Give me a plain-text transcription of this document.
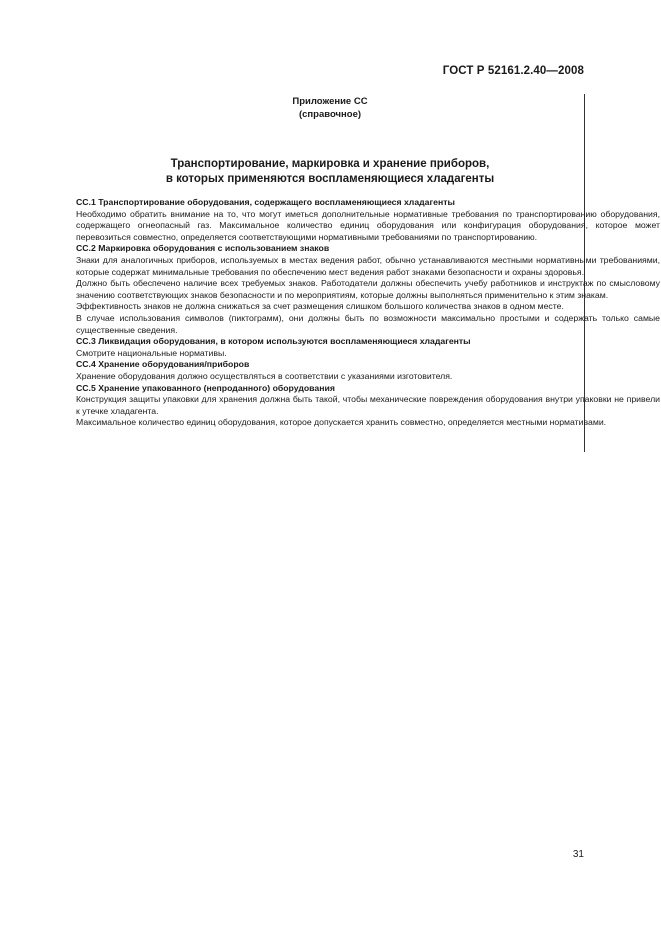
ГОСТ Р 52161.2.40—2008
Приложение СС
(справочное)
Транспортирование, маркировка и хранение приборов,
в которых применяются воспламеняющиеся хладагенты
СС.1 Транспортирование оборудования, содержащего воспламеняющиеся хладагенты

Необходимо обратить внимание на то, что могут иметься дополнительные нормативные требования по транспортированию оборудования, содержащего огнеопасный газ. Максимальное количество единиц оборудования или конфигурация оборудования, которое может перевозиться совместно, определяется соответствующими нормативными требованиями по транспортированию.

СС.2 Маркировка оборудования с использованием знаков

Знаки для аналогичных приборов, используемых в местах ведения работ, обычно устанавливаются местными нормативными требованиями, которые содержат минимальные требования по обеспечению мест ведения работ знаками безопасности и охраны здоровья.

Должно быть обеспечено наличие всех требуемых знаков. Работодатели должны обеспечить учебу работников и инструктаж по смысловому значению соответствующих знаков безопасности и по мероприятиям, которые должны выполняться применительно к этим знакам.

Эффективность знаков не должна снижаться за счет размещения слишком большого количества знаков в одном месте.

В случае использования символов (пиктограмм), они должны быть по возможности максимально простыми и содержать только самые существенные сведения.

СС.3 Ликвидация оборудования, в котором используются воспламеняющиеся хладагенты

Смотрите национальные нормативы.

СС.4 Хранение оборудования/приборов

Хранение оборудования должно осуществляться в соответствии с указаниями изготовителя.

СС.5 Хранение упакованного (непроданного) оборудования

Конструкция защиты упаковки для хранения должна быть такой, чтобы механические повреждения оборудования внутри упаковки не привели к утечке хладагента.

Максимальное количество единиц оборудования, которое допускается хранить совместно, определяется местными нормативами.

31
